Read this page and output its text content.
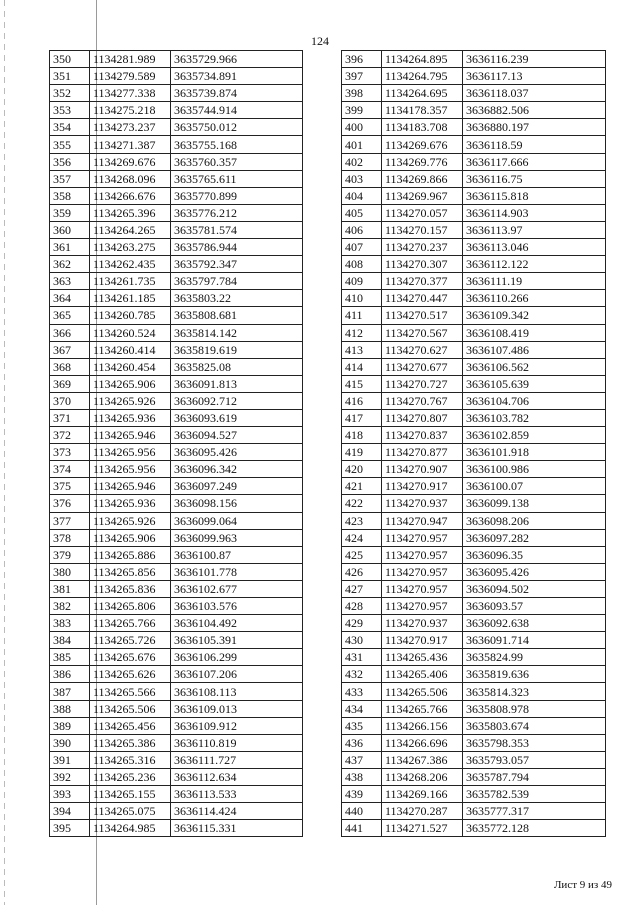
124
350	1134281.989	3635729.966
351	1134279.589	3635734.891
352	1134277.338	3635739.874
353	1134275.218	3635744.914
354	1134273.237	3635750.012
355	1134271.387	3635755.168
356	1134269.676	3635760.357
357	1134268.096	3635765.611
358	1134266.676	3635770.899
359	1134265.396	3635776.212
360	1134264.265	3635781.574
361	1134263.275	3635786.944
362	1134262.435	3635792.347
363	1134261.735	3635797.784
364	1134261.185	3635803.22
365	1134260.785	3635808.681
366	1134260.524	3635814.142
367	1134260.414	3635819.619
368	1134260.454	3635825.08
369	1134265.906	3636091.813
370	1134265.926	3636092.712
371	1134265.936	3636093.619
372	1134265.946	3636094.527
373	1134265.956	3636095.426
374	1134265.956	3636096.342
375	1134265.946	3636097.249
376	1134265.936	3636098.156
377	1134265.926	3636099.064
378	1134265.906	3636099.963
379	1134265.886	3636100.87
380	1134265.856	3636101.778
381	1134265.836	3636102.677
382	1134265.806	3636103.576
383	1134265.766	3636104.492
384	1134265.726	3636105.391
385	1134265.676	3636106.299
386	1134265.626	3636107.206
387	1134265.566	3636108.113
388	1134265.506	3636109.013
389	1134265.456	3636109.912
390	1134265.386	3636110.819
391	1134265.316	3636111.727
392	1134265.236	3636112.634
393	1134265.155	3636113.533
394	1134265.075	3636114.424
395	1134264.985	3636115.331
396	1134264.895	3636116.239
397	1134264.795	3636117.13
398	1134264.695	3636118.037
399	1134178.357	3636882.506
400	1134183.708	3636880.197
401	1134269.676	3636118.59
402	1134269.776	3636117.666
403	1134269.866	3636116.75
404	1134269.967	3636115.818
405	1134270.057	3636114.903
406	1134270.157	3636113.97
407	1134270.237	3636113.046
408	1134270.307	3636112.122
409	1134270.377	3636111.19
410	1134270.447	3636110.266
411	1134270.517	3636109.342
412	1134270.567	3636108.419
413	1134270.627	3636107.486
414	1134270.677	3636106.562
415	1134270.727	3636105.639
416	1134270.767	3636104.706
417	1134270.807	3636103.782
418	1134270.837	3636102.859
419	1134270.877	3636101.918
420	1134270.907	3636100.986
421	1134270.917	3636100.07
422	1134270.937	3636099.138
423	1134270.947	3636098.206
424	1134270.957	3636097.282
425	1134270.957	3636096.35
426	1134270.957	3636095.426
427	1134270.957	3636094.502
428	1134270.957	3636093.57
429	1134270.937	3636092.638
430	1134270.917	3636091.714
431	1134265.436	3635824.99
432	1134265.406	3635819.636
433	1134265.506	3635814.323
434	1134265.766	3635808.978
435	1134266.156	3635803.674
436	1134266.696	3635798.353
437	1134267.386	3635793.057
438	1134268.206	3635787.794
439	1134269.166	3635782.539
440	1134270.287	3635777.317
441	1134271.527	3635772.128
Лист 9 из 49
